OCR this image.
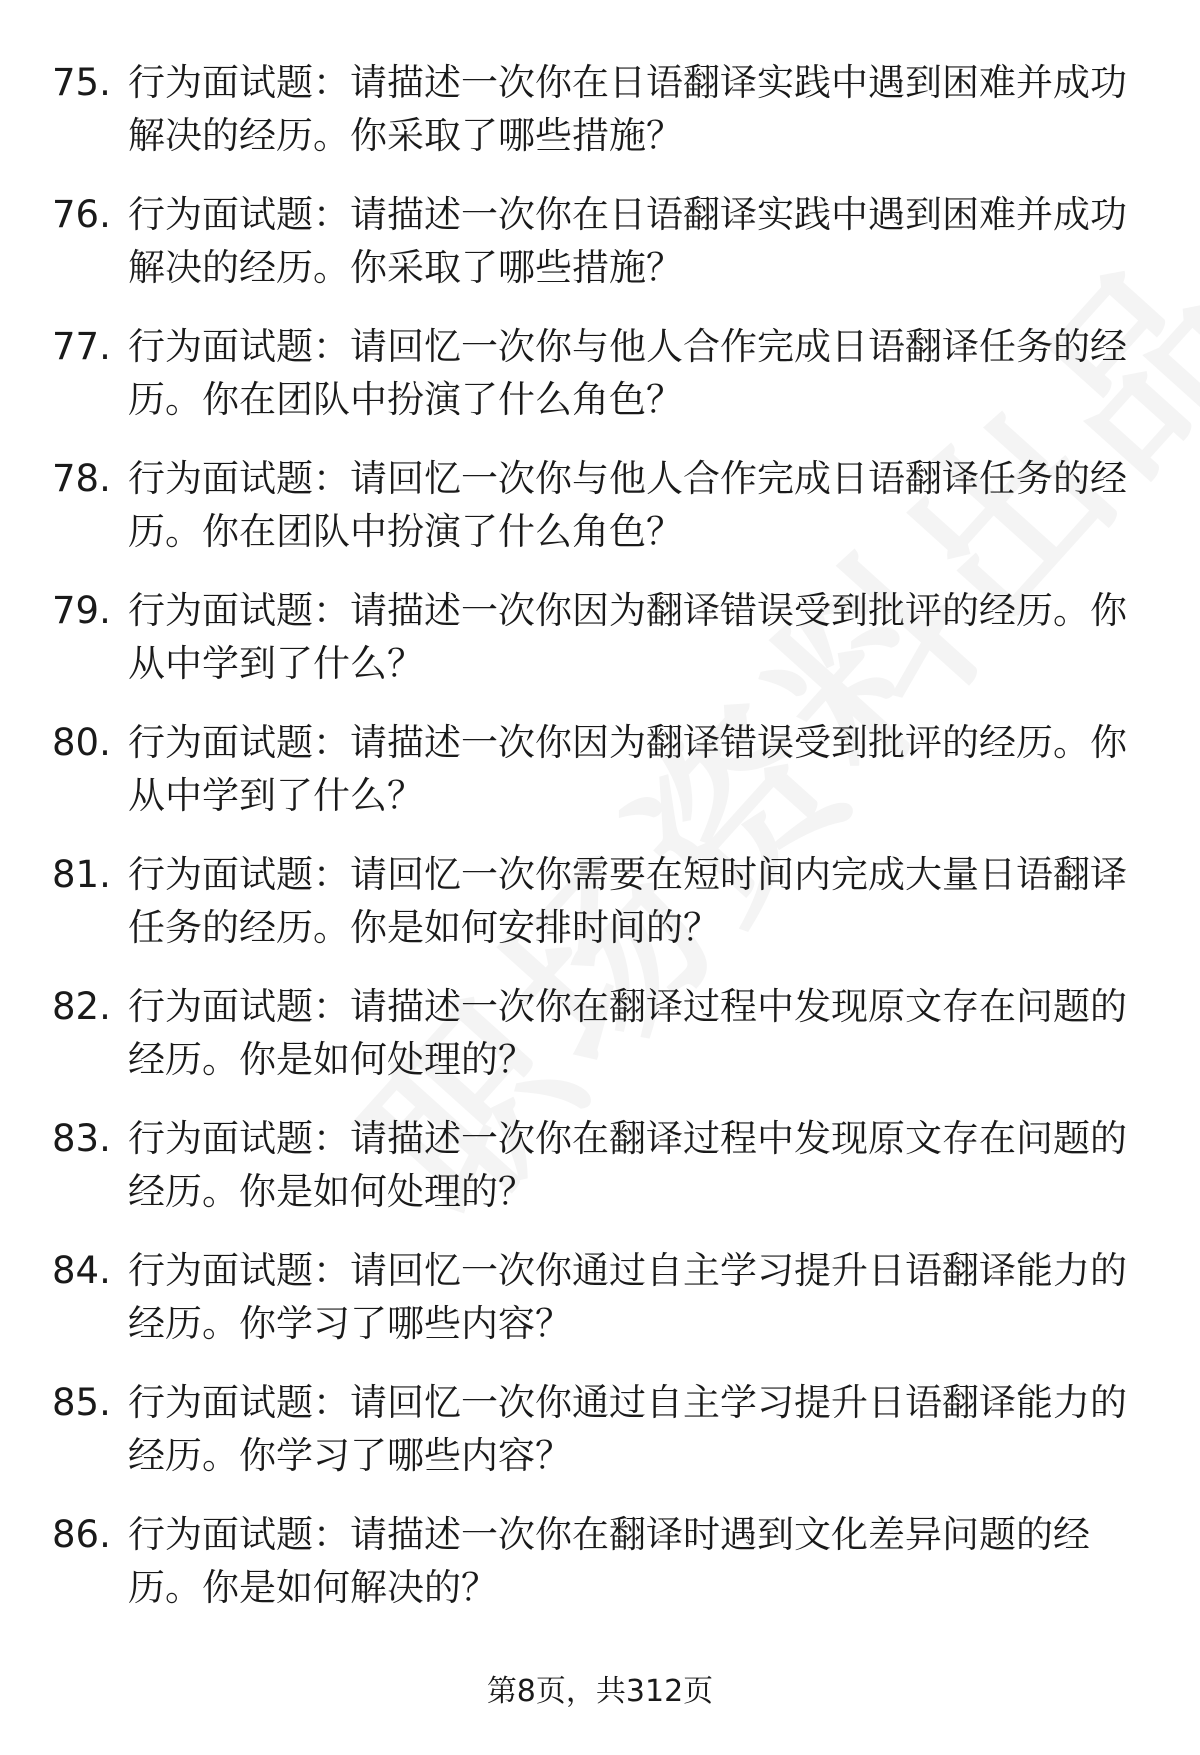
75. 行为面试题：请描述一次你在日语翻译实践中遇到困难并成功解决的经历。你采取了哪些措施？
76. 行为面试题：请描述一次你在日语翻译实践中遇到困难并成功解决的经历。你采取了哪些措施？
77. 行为面试题：请回忆一次你与他人合作完成日语翻译任务的经历。你在团队中扮演了什么角色？
78. 行为面试题：请回忆一次你与他人合作完成日语翻译任务的经历。你在团队中扮演了什么角色？
79. 行为面试题：请描述一次你因为翻译错误受到批评的经历。你从中学到了什么？
80. 行为面试题：请描述一次你因为翻译错误受到批评的经历。你从中学到了什么？
81. 行为面试题：请回忆一次你需要在短时间内完成大量日语翻译任务的经历。你是如何安排时间的？
82. 行为面试题：请描述一次你在翻译过程中发现原文存在问题的经历。你是如何处理的？
83. 行为面试题：请描述一次你在翻译过程中发现原文存在问题的经历。你是如何处理的？
84. 行为面试题：请回忆一次你通过自主学习提升日语翻译能力的经历。你学习了哪些内容？
85. 行为面试题：请回忆一次你通过自主学习提升日语翻译能力的经历。你学习了哪些内容？
86. 行为面试题：请描述一次你在翻译时遇到文化差异问题的经历。你是如何解决的？
第8页，共312页
